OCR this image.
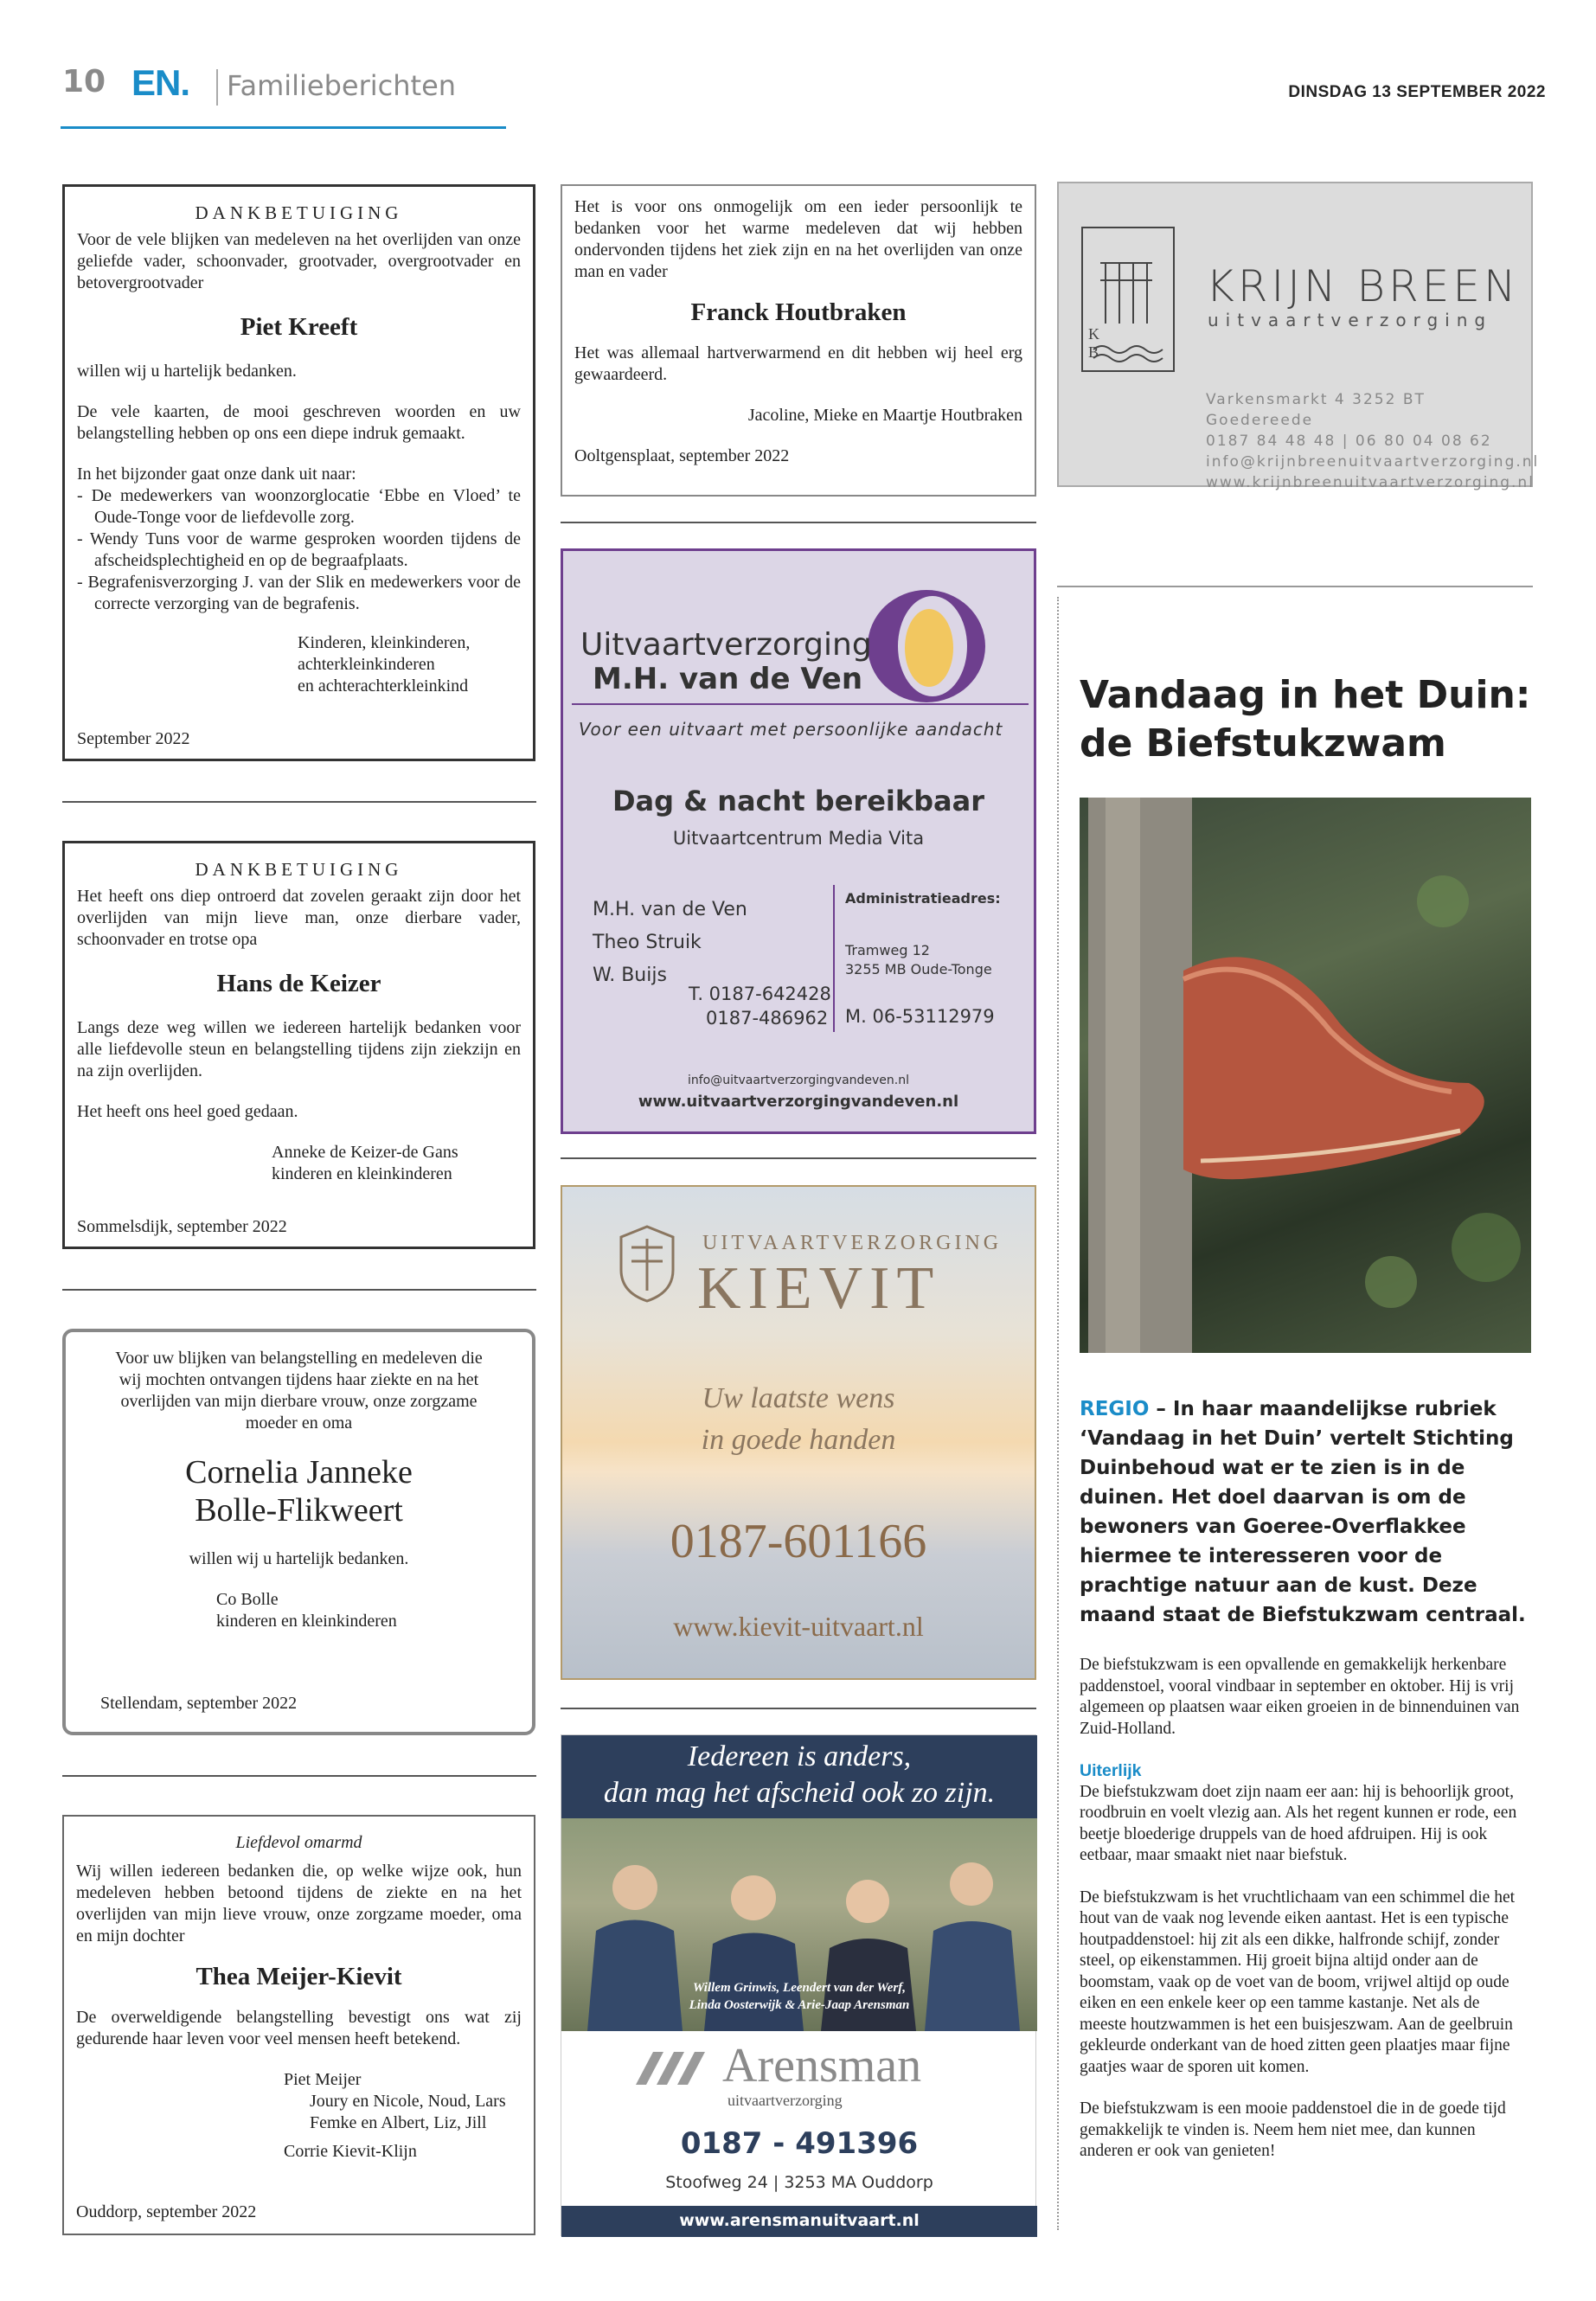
10 EN. Familieberichten	DINSDAG 13 SEPTEMBER 2022

DANKBETUIGING

Voor de vele blijken van medeleven na het overlijden van onze geliefde vader, schoonvader, grootvader, overgrootvader en betovergrootvader

Piet Kreeft

willen wij u hartelijk bedanken.

De vele kaarten, de mooi geschreven woorden en uw belangstelling hebben op ons een diepe indruk gemaakt.

In het bijzonder gaat onze dank uit naar:

- De medewerkers van woonzorglocatie ‘Ebbe en Vloed’ te Oude-Tonge voor de liefdevolle zorg.

- Wendy Tuns voor de warme gesproken woorden tijdens de afscheidsplechtigheid en op de begraafplaats.

- Begrafenisverzorging J. van der Slik en medewerkers voor de correcte verzorging van de begrafenis.

Kinderen, kleinkinderen,

achterkleinkinderen

en achterachterkleinkind

September 2022

DANKBETUIGING

Het heeft ons diep ontroerd dat zovelen geraakt zijn door het overlijden van mijn lieve man, onze dierbare vader, schoonvader en trotse opa

Hans de Keizer

Langs deze weg willen we iedereen hartelijk bedanken voor alle liefdevolle steun en belangstelling tijdens zijn ziekzijn en na zijn overlijden.

Het heeft ons heel goed gedaan.

Anneke de Keizer-de Gans

kinderen en kleinkinderen

Sommelsdijk, september 2022

Voor uw blijken van belangstelling en medeleven die wij mochten ontvangen tijdens haar ziekte en na het overlijden van mijn dierbare vrouw, onze zorgzame moeder en oma

Cornelia Janneke

Bolle-Flikweert

willen wij u hartelijk bedanken.

Co Bolle

kinderen en kleinkinderen

Stellendam, september 2022

Liefdevol omarmd

Wij willen iedereen bedanken die, op welke wijze ook, hun medeleven hebben betoond tijdens de ziekte en na het overlijden van mijn lieve vrouw, onze zorgzame moeder, oma en mijn dochter

Thea Meijer-Kievit

De overweldigende belangstelling bevestigt ons wat zij gedurende haar leven voor veel mensen heeft betekend.

Piet Meijer

Joury en Nicole, Noud, Lars

Femke en Albert, Liz, Jill

Corrie Kievit-Klijn

Ouddorp, september 2022

Het is voor ons onmogelijk om een ieder persoonlijk te bedanken voor het warme medeleven dat wij hebben ondervonden tijdens het ziek zijn en na het overlijden van onze man en vader

Franck Houtbraken

Het was allemaal hartverwarmend en dit hebben wij heel erg gewaardeerd.

Jacoline, Mieke en Maartje Houtbraken

Ooltgensplaat, september 2022

Uitvaartverzorging

M.H. van de Ven

Voor een uitvaart met persoonlijke aandacht

Dag & nacht bereikbaar

Uitvaartcentrum Media Vita

M.H. van de Ven

Theo Struik

W. Buijs

T. 0187-642428

0187-486962

Administratieadres:

Tramweg 12

3255 MB Oude-Tonge

M. 06-53112979

info@uitvaartverzorgingvandeven.nl

www.uitvaartverzorgingvandeven.nl

UITVAARTVERZORGING

KIEVIT

Uw laatste wens

in goede handen

0187-601166

www.kievit-uitvaart.nl

Iedereen is anders,

dan mag het afscheid ook zo zijn.

Willem Grinwis, Leendert van der Werf,

Linda Oosterwijk & Arie-Jaap Arensman

Arensman

uitvaartverzorging

0187 - 491396

Stoofweg 24 | 3253 MA Ouddorp

www.arensmanuitvaart.nl

K B

KRIJN BREEN

uitvaartverzorging

Varkensmarkt 4 3252 BT Goedereede

0187 84 48 48 | 06 80 04 08 62

info@krijnbreenuitvaartverzorging.nl

www.krijnbreenuitvaartverzorging.nl

Vandaag in het Duin:
de Biefstukzwam

REGIO – In haar maandelijkse rubriek ‘Vandaag in het Duin’ vertelt Stichting Duinbehoud wat er te zien is in de duinen. Het doel daarvan is om de bewoners van Goeree-Overflakkee hiermee te interesseren voor de prachtige natuur aan de kust. Deze maand staat de Biefstukzwam centraal.

De biefstukzwam is een opvallende en gemakkelijk herkenbare paddenstoel, vooral vindbaar in september en oktober. Hij is vrij algemeen op plaatsen waar eiken groeien in de binnenduinen van Zuid-Holland.

Uiterlijk

De biefstukzwam doet zijn naam eer aan: hij is behoorlijk groot, roodbruin en voelt vlezig aan. Als het regent kunnen er rode, een beetje bloederige druppels van de hoed afdruipen. Hij is ook eetbaar, maar smaakt niet naar biefstuk.

De biefstukzwam is het vruchtlichaam van een schimmel die het hout van de vaak nog levende eiken aantast. Het is een typische houtpaddenstoel: hij zit als een dikke, halfronde schijf, zonder steel, op eikenstammen. Hij groeit bijna altijd onder aan de boomstam, vaak op de voet van de boom, vrijwel altijd op oude eiken en een enkele keer op een tamme kastanje. Net als de meeste houtzwammen is het een buisjeszwam. Aan de geelbruin gekleurde onderkant van de hoed zitten geen plaatjes maar fijne gaatjes waar de sporen uit komen.

De biefstukzwam is een mooie paddenstoel die in de goede tijd gemakkelijk te vinden is. Neem hem niet mee, dan kunnen anderen er ook van genieten!
